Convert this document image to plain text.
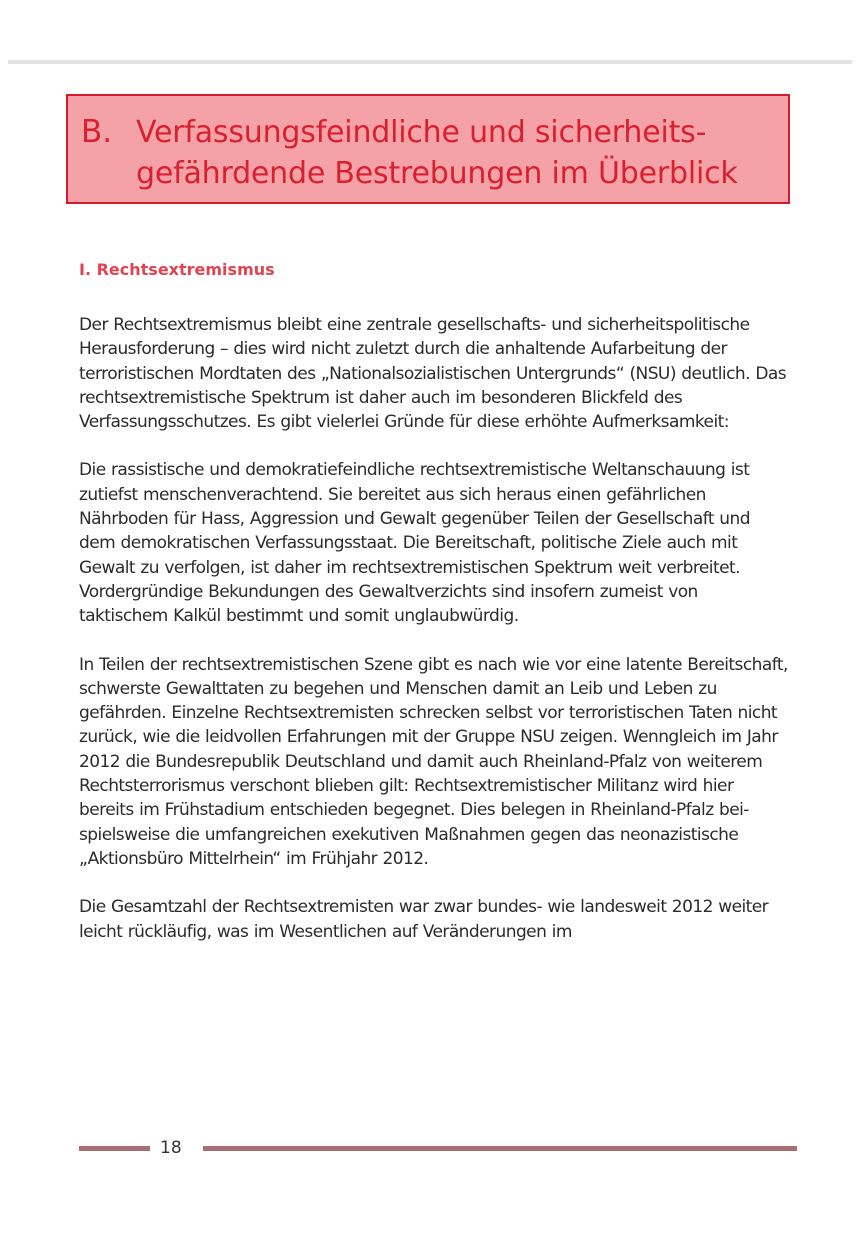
B. Verfassungsfeindliche und sicherheits-
gefährdende Bestrebungen im Überblick
I. Rechtsextremismus

Der Rechtsextremismus bleibt eine zentrale gesellschafts- und sicherheitspolitische Herausforderung – dies wird nicht zuletzt durch die anhaltende Aufarbeitung der terroristischen Mordtaten des „Nationalsozialistischen Untergrunds“ (NSU) deutlich. Das rechtsextremistische Spektrum ist daher auch im besonderen Blickfeld des Verfassungsschutzes. Es gibt vielerlei Gründe für diese erhöhte Aufmerksamkeit:

Die rassistische und demokratiefeindliche rechtsextremistische Weltanschauung ist zutiefst menschenverachtend. Sie bereitet aus sich heraus einen gefährlichen Nährboden für Hass, Aggression und Gewalt gegenüber Teilen der Gesellschaft und dem demokratischen Verfassungsstaat. Die Bereitschaft, politische Ziele auch mit Gewalt zu verfolgen, ist daher im rechtsextremistischen Spektrum weit verbreitet. Vordergründige Bekundungen des Gewaltverzichts sind insofern zumeist von taktischem Kalkül bestimmt und somit unglaubwürdig.

In Teilen der rechtsextremistischen Szene gibt es nach wie vor eine latente Bereitschaft, schwerste Gewalttaten zu begehen und Menschen damit an Leib und Leben zu gefährden. Einzelne Rechtsextremisten schrecken selbst vor terroristischen Taten nicht zurück, wie die leidvollen Erfahrungen mit der Gruppe NSU zeigen. Wenngleich im Jahr 2012 die Bundesrepublik Deutschland und damit auch Rheinland-Pfalz von weiterem Rechtsterrorismus verschont blieben gilt: Rechtsextremistischer Militanz wird hier bereits im Frühstadium entschieden begegnet. Dies belegen in Rheinland-Pfalz beispielsweise die umfangreichen exekutiven Maßnahmen gegen das neonazistische „Aktionsbüro Mittelrhein“ im Frühjahr 2012.

Die Gesamtzahl der Rechtsextremisten war zwar bundes- wie landesweit 2012 weiter leicht rückläufig, was im Wesentlichen auf Veränderungen im

18
